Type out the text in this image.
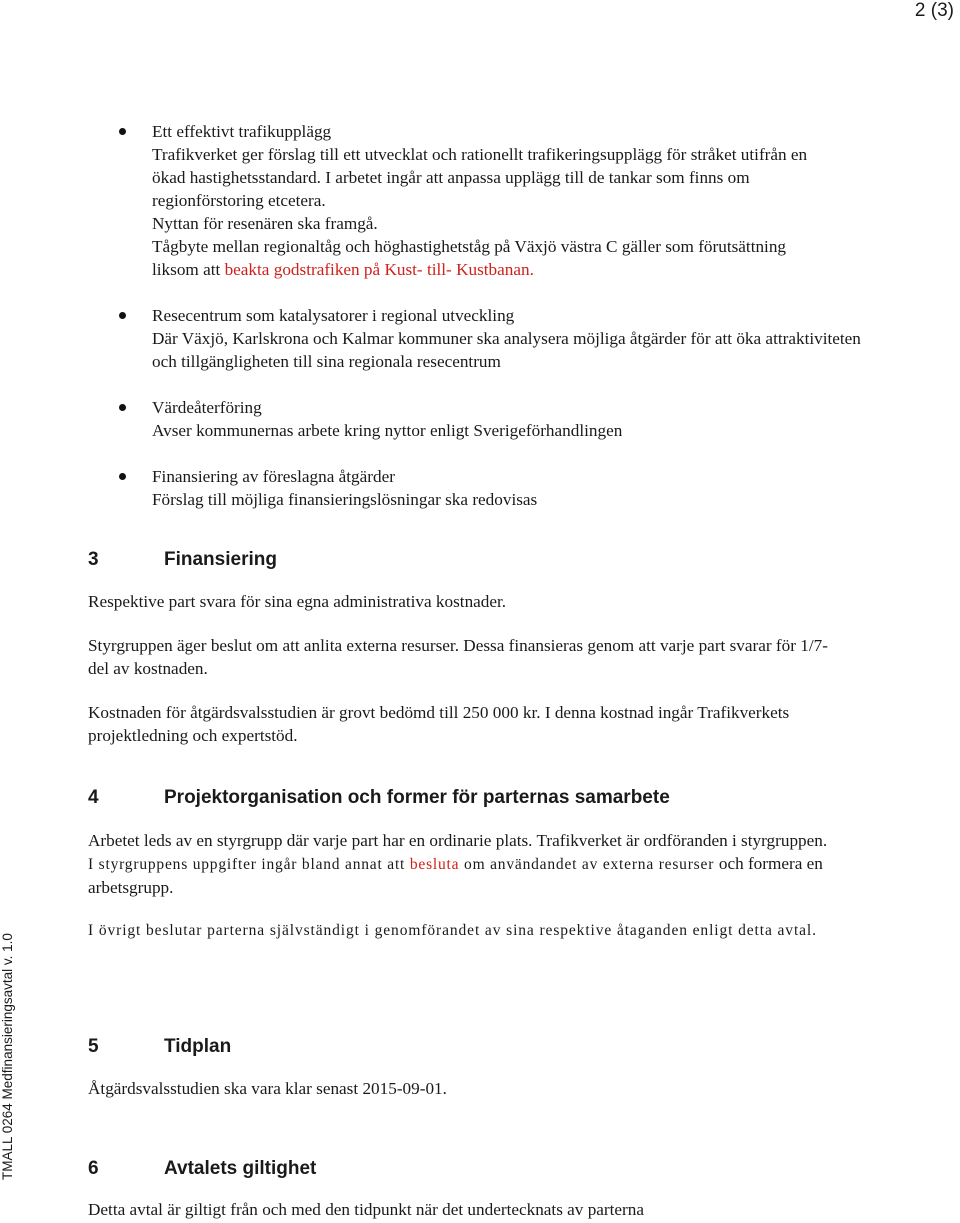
2 (3)
TMALL 0264 Medfinansieringsavtal v. 1.0
Ett effektivt trafikupplägg
Trafikverket ger förslag till ett utvecklat och rationellt trafikeringsupplägg för stråket utifrån en ökad hastighetsstandard. I arbetet ingår att anpassa upplägg till de tankar som finns om regionförstoring etcetera.
Nyttan för resenären ska framgå.
Tågbyte mellan regionaltåg och höghastighetståg på Växjö västra C gäller som förutsättning liksom att beakta godstrafiken på Kust- till- Kustbanan.
Resecentrum som katalysatorer i regional utveckling
Där Växjö, Karlskrona och Kalmar kommuner ska analysera möjliga åtgärder för att öka attraktiviteten och tillgängligheten till sina regionala resecentrum
Värdeåterföring
Avser kommunernas arbete kring nyttor enligt Sverigeförhandlingen
Finansiering av föreslagna åtgärder
Förslag till möjliga finansieringslösningar ska redovisas
3	Finansiering

Respektive part svara för sina egna administrativa kostnader.

Styrgruppen äger beslut om att anlita externa resurser. Dessa finansieras genom att varje part svarar för 1/7-del av kostnaden.

Kostnaden för åtgärdsvalsstudien är grovt bedömd till 250 000 kr. I denna kostnad ingår Trafikverkets projektledning och expertstöd.

4	Projektorganisation och former för parternas samarbete

Arbetet leds av en styrgrupp där varje part har en ordinarie plats. Trafikverket är ordföranden i styrgruppen.

I styrgruppens uppgifter ingår bland annat att besluta om användandet av externa resurser och formera en arbetsgrupp.

I övrigt beslutar parterna självständigt i genomförandet av sina respektive åtaganden enligt detta avtal.

5	Tidplan

Åtgärdsvalsstudien ska vara klar senast 2015-09-01.

6	Avtalets giltighet

Detta avtal är giltigt från och med den tidpunkt när det undertecknats av parterna
